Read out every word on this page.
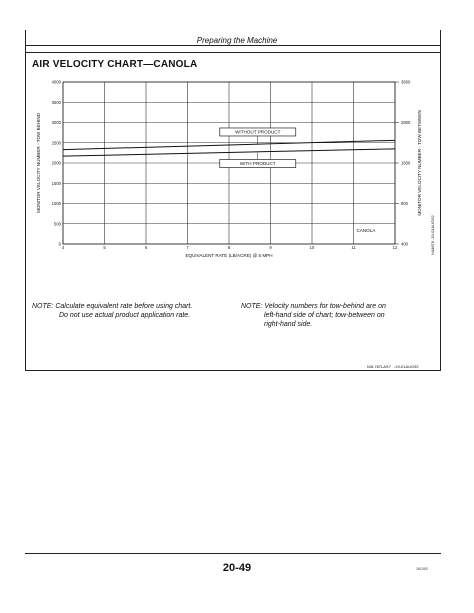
Preparing the Machine
AIR VELOCITY CHART—CANOLA
WITHOUT PRODUCT
WITH PRODUCT
4	5	6	7	8	9	10	11	12
0
500
1000
1500
2000
2500
3000
3500
4000
400
800
1600
2800
3600
CANOLA
EQUIVALENT RATE (LB/ACRE) @ 5 MPH
MONITOR VELOCITY NUMBER - TOW BEHIND	MONITOR VELOCITY NUMBER - TOW BETWEEN
NOTE: Calculate equivalent rate before using chart.
Do not use actual product application rate.
NOTE: Velocity numbers for tow-behind are on
left-hand side of chart; tow-between on
right-hand side.
N3L787LAS7 -19-01AUG92
N44876
-19-01AUG92
20-49	161093
